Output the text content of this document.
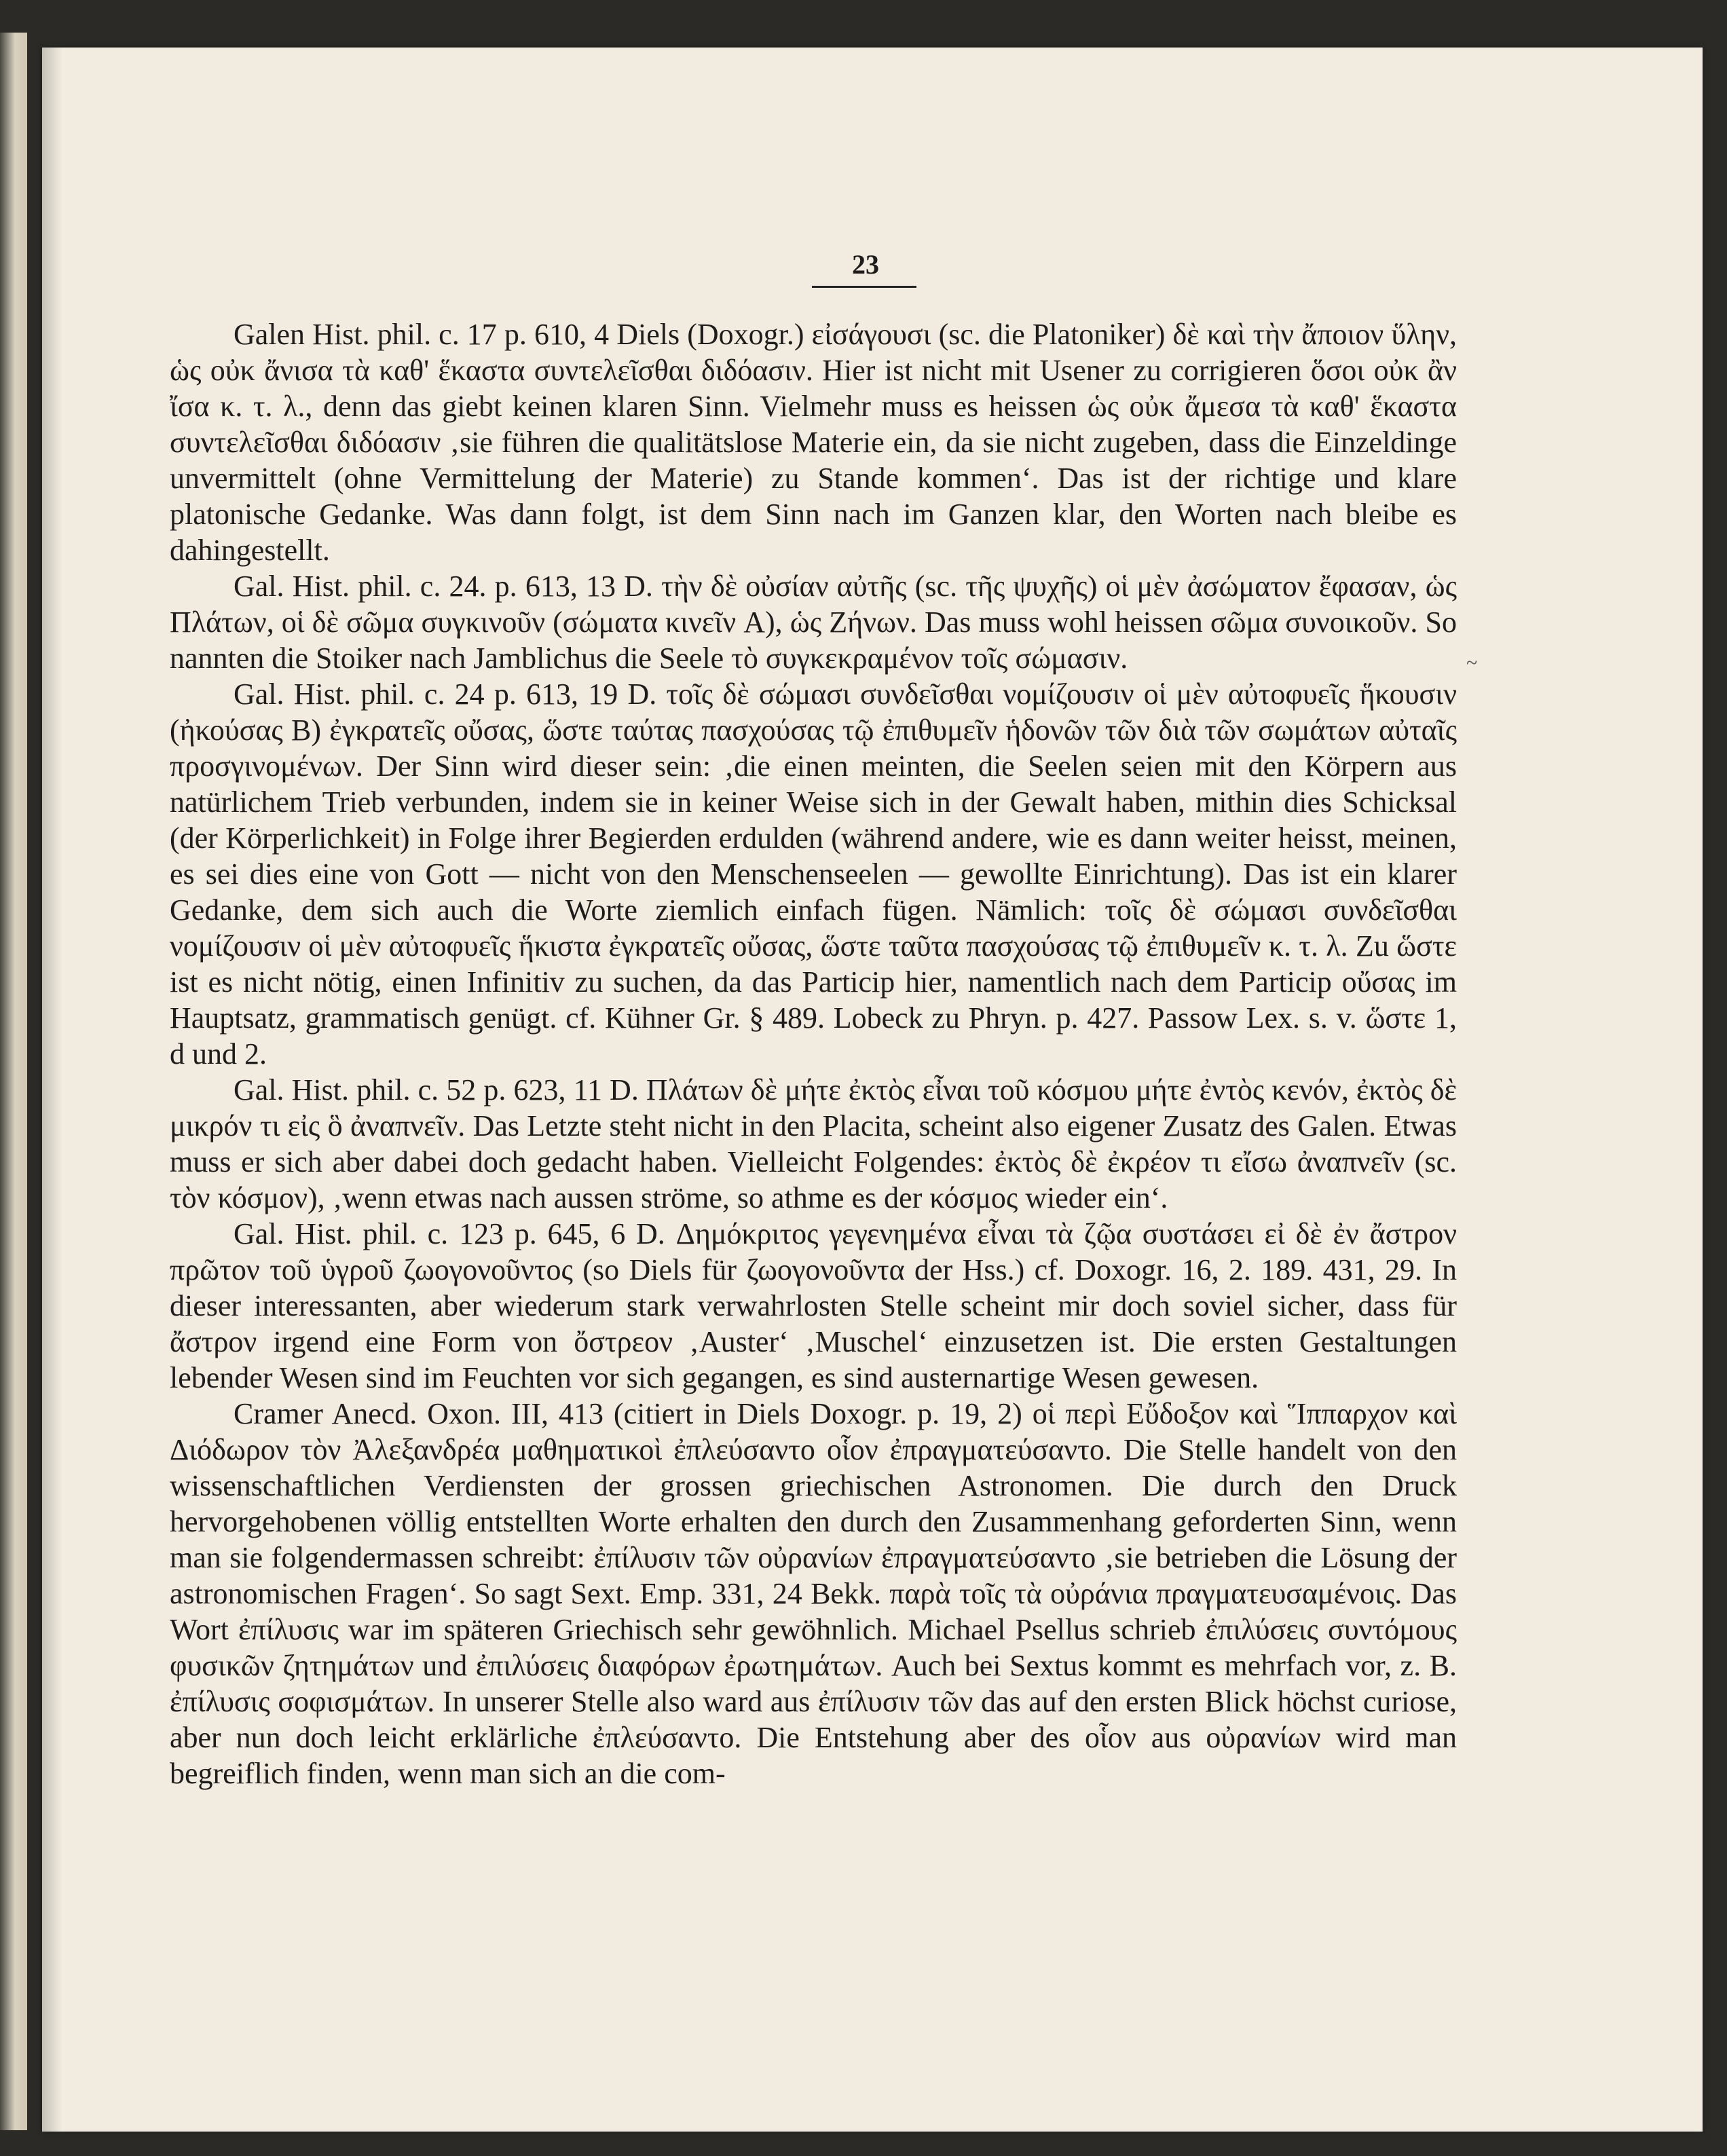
23

Galen Hist. phil. c. 17 p. 610, 4 Diels (Doxogr.) εἰσάγουσι (sc. die Platoniker) δὲ καὶ τὴν ἄποιον ὕλην, ὡς οὐκ ἄνισα τὰ καθ' ἕκαστα συντελεῖσθαι διδόασιν. Hier ist nicht mit Usener zu corrigieren ὅσοι οὐκ ἂν ἴσα κ. τ. λ., denn das giebt keinen klaren Sinn. Vielmehr muss es heissen ὡς οὐκ ἄμεσα τὰ καθ' ἕκαστα συντελεῖσθαι διδόασιν ‚sie führen die qualitätslose Materie ein, da sie nicht zugeben, dass die Einzeldinge unvermittelt (ohne Vermittelung der Materie) zu Stande kommen‘. Das ist der richtige und klare platonische Gedanke. Was dann folgt, ist dem Sinn nach im Ganzen klar, den Worten nach bleibe es dahingestellt.

Gal. Hist. phil. c. 24. p. 613, 13 D. τὴν δὲ οὐσίαν αὐτῆς (sc. τῆς ψυχῆς) οἱ μὲν ἀσώματον ἔφασαν, ὡς Πλάτων, οἱ δὲ σῶμα συγκινοῦν (σώματα κινεῖν A), ὡς Ζήνων. Das muss wohl heissen σῶμα συνοικοῦν. So nannten die Stoiker nach Jamblichus die Seele τὸ συγκεκραμένον τοῖς σώμασιν.

Gal. Hist. phil. c. 24 p. 613, 19 D. τοῖς δὲ σώμασι συνδεῖσθαι νομίζουσιν οἱ μὲν αὐτοφυεῖς ἥκουσιν (ἠκούσας B) ἐγκρατεῖς οὔσας, ὥστε ταύτας πασχούσας τῷ ἐπιθυμεῖν ἡδονῶν τῶν διὰ τῶν σωμάτων αὐταῖς προσγινομένων. Der Sinn wird dieser sein: ‚die einen meinten, die Seelen seien mit den Körpern aus natürlichem Trieb verbunden, indem sie in keiner Weise sich in der Gewalt haben, mithin dies Schicksal (der Körperlichkeit) in Folge ihrer Begierden erdulden (während andere, wie es dann weiter heisst, meinen, es sei dies eine von Gott — nicht von den Menschenseelen — gewollte Einrichtung). Das ist ein klarer Gedanke, dem sich auch die Worte ziemlich einfach fügen. Nämlich: τοῖς δὲ σώμασι συνδεῖσθαι νομίζουσιν οἱ μὲν αὐτοφυεῖς ἥκιστα ἐγκρατεῖς οὔσας, ὥστε ταῦτα πασχούσας τῷ ἐπιθυμεῖν κ. τ. λ. Zu ὥστε ist es nicht nötig, einen Infinitiv zu suchen, da das Particip hier, namentlich nach dem Particip οὔσας im Hauptsatz, grammatisch genügt. cf. Kühner Gr. § 489. Lobeck zu Phryn. p. 427. Passow Lex. s. v. ὥστε 1, d und 2.

Gal. Hist. phil. c. 52 p. 623, 11 D. Πλάτων δὲ μήτε ἐκτὸς εἶναι τοῦ κόσμου μήτε ἐντὸς κενόν, ἐκτὸς δὲ μικρόν τι εἰς ὃ ἀναπνεῖν. Das Letzte steht nicht in den Placita, scheint also eigener Zusatz des Galen. Etwas muss er sich aber dabei doch gedacht haben. Vielleicht Folgendes: ἐκτὸς δὲ ἐκρέον τι εἴσω ἀναπνεῖν (sc. τὸν κόσμον), ‚wenn etwas nach aussen ströme, so athme es der κόσμος wieder ein‘.

Gal. Hist. phil. c. 123 p. 645, 6 D. Δημόκριτος γεγενημένα εἶναι τὰ ζῷα συστάσει εἰ δὲ ἐν ἄστρον πρῶτον τοῦ ὑγροῦ ζωογονοῦντος (so Diels für ζωογονοῦντα der Hss.) cf. Doxogr. 16, 2. 189. 431, 29. In dieser interessanten, aber wiederum stark verwahrlosten Stelle scheint mir doch soviel sicher, dass für ἄστρον irgend eine Form von ὄστρεον ‚Auster‘ ‚Muschel‘ einzusetzen ist. Die ersten Gestaltungen lebender Wesen sind im Feuchten vor sich gegangen, es sind austernartige Wesen gewesen.

Cramer Anecd. Oxon. III, 413 (citiert in Diels Doxogr. p. 19, 2) οἱ περὶ Εὔδοξον καὶ Ἵππαρχον καὶ Διόδωρον τὸν Ἀλεξανδρέα μαθηματικοὶ ἐπλεύσαντο οἷον ἐπραγματεύσαντο. Die Stelle handelt von den wissenschaftlichen Verdiensten der grossen griechischen Astronomen. Die durch den Druck hervorgehobenen völlig entstellten Worte erhalten den durch den Zusammenhang geforderten Sinn, wenn man sie folgendermassen schreibt: ἐπίλυσιν τῶν οὐρανίων ἐπραγματεύσαντο ‚sie betrieben die Lösung der astronomischen Fragen‘. So sagt Sext. Emp. 331, 24 Bekk. παρὰ τοῖς τὰ οὐράνια πραγματευσαμένοις. Das Wort ἐπίλυσις war im späteren Griechisch sehr gewöhnlich. Michael Psellus schrieb ἐπιλύσεις συντόμους φυσικῶν ζητημάτων und ἐπιλύσεις διαφόρων ἐρωτημάτων. Auch bei Sextus kommt es mehrfach vor, z. B. ἐπίλυσις σοφισμάτων. In unserer Stelle also ward aus ἐπίλυσιν τῶν das auf den ersten Blick höchst curiose, aber nun doch leicht erklärliche ἐπλεύσαντο. Die Entstehung aber des οἷον aus οὐρανίων wird man begreiflich finden, wenn man sich an die com-

~
